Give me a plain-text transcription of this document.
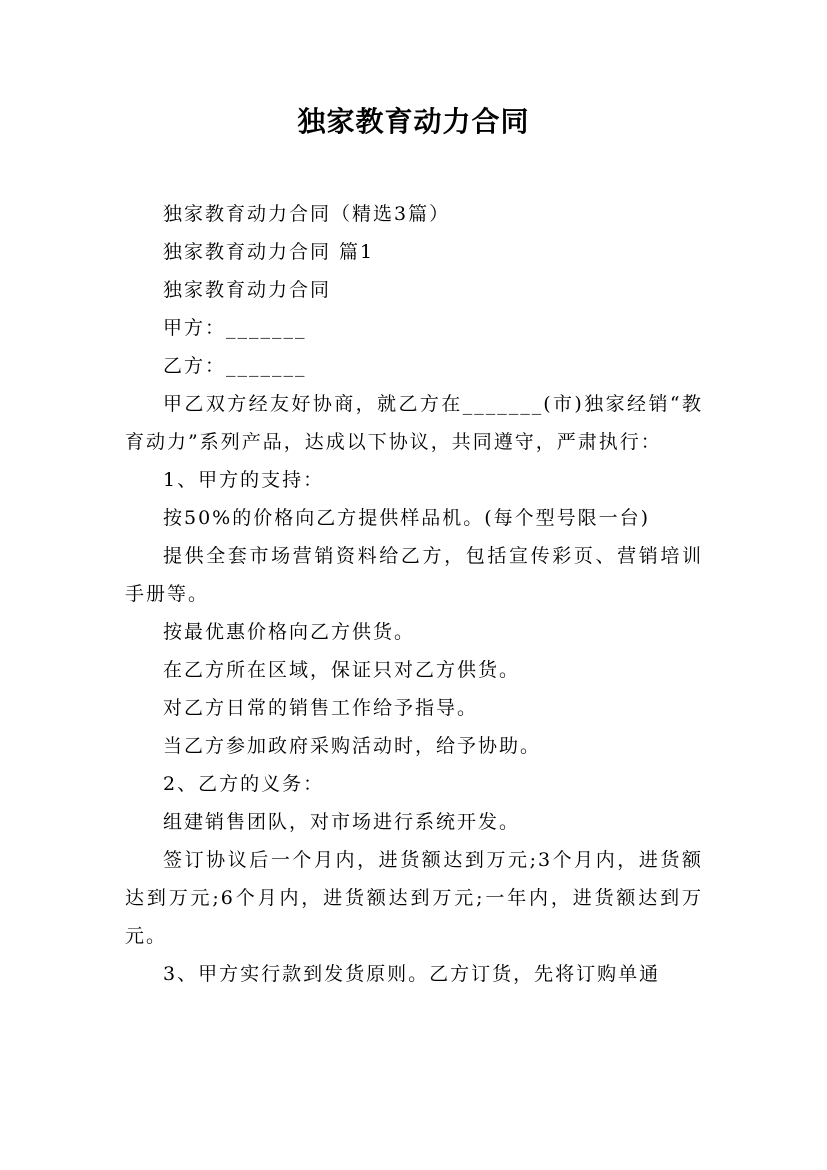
独家教育动力合同

独家教育动力合同（精选3篇）

独家教育动力合同 篇1

独家教育动力合同

甲方：_______

乙方：_______

甲乙双方经友好协商，就乙方在_______(市)独家经销“教育动力”系列产品，达成以下协议，共同遵守，严肃执行：

1、甲方的支持：

按50%的价格向乙方提供样品机。(每个型号限一台)

提供全套市场营销资料给乙方，包括宣传彩页、营销培训手册等。

按最优惠价格向乙方供货。

在乙方所在区域，保证只对乙方供货。

对乙方日常的销售工作给予指导。

当乙方参加政府采购活动时，给予协助。

2、乙方的义务：

组建销售团队，对市场进行系统开发。

签订协议后一个月内，进货额达到万元;3个月内，进货额达到万元;6个月内，进货额达到万元;一年内，进货额达到万元。

3、甲方实行款到发货原则。乙方订货，先将订购单通
